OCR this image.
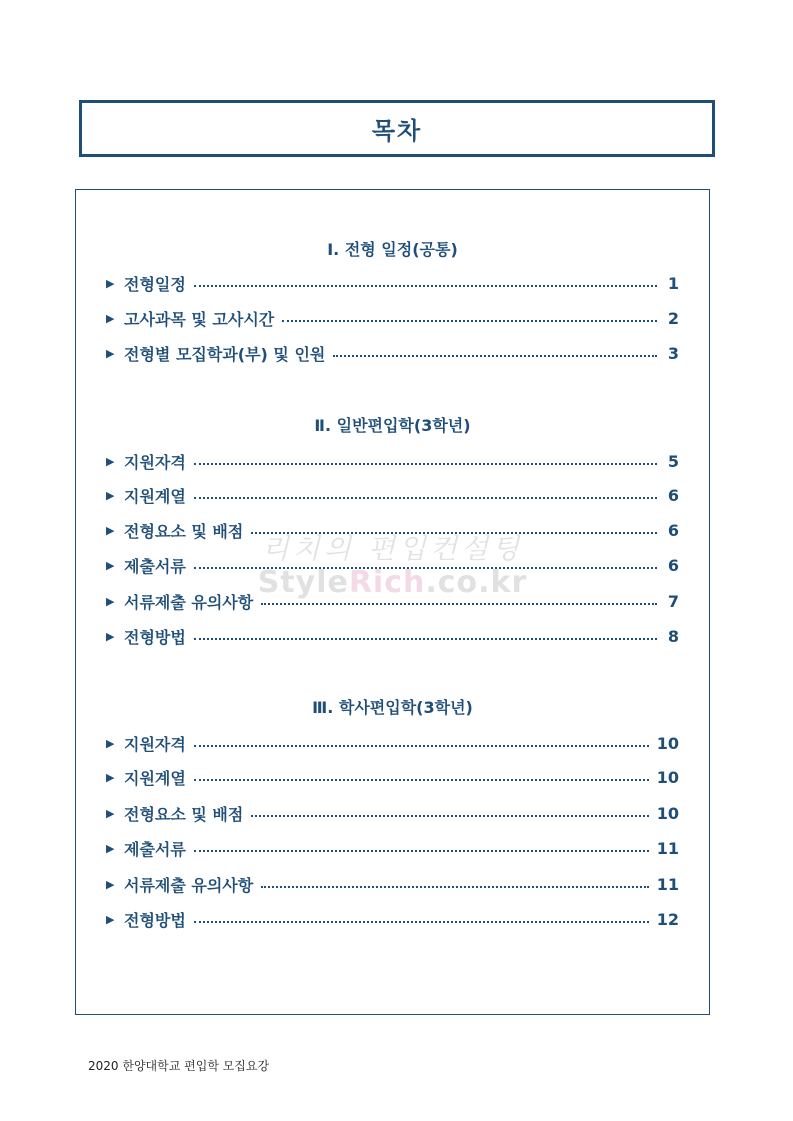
목차
Ⅰ. 전형 일정(공통)
▶ 전형일정	1
▶ 고사과목 및 고사시간	2
▶ 전형별 모집학과(부) 및 인원	3
Ⅱ. 일반편입학(3학년)
▶ 지원자격	5
▶ 지원계열	6
▶ 전형요소 및 배점	6
▶ 제출서류	6
▶ 서류제출 유의사항	7
▶ 전형방법	8
Ⅲ. 학사편입학(3학년)
▶ 지원자격	10
▶ 지원계열	10
▶ 전형요소 및 배점	10
▶ 제출서류	11
▶ 서류제출 유의사항	11
▶ 전형방법	12
리치의 편입컨설팅
StyleRich.co.kr
2020 한양대학교 편입학 모집요강
